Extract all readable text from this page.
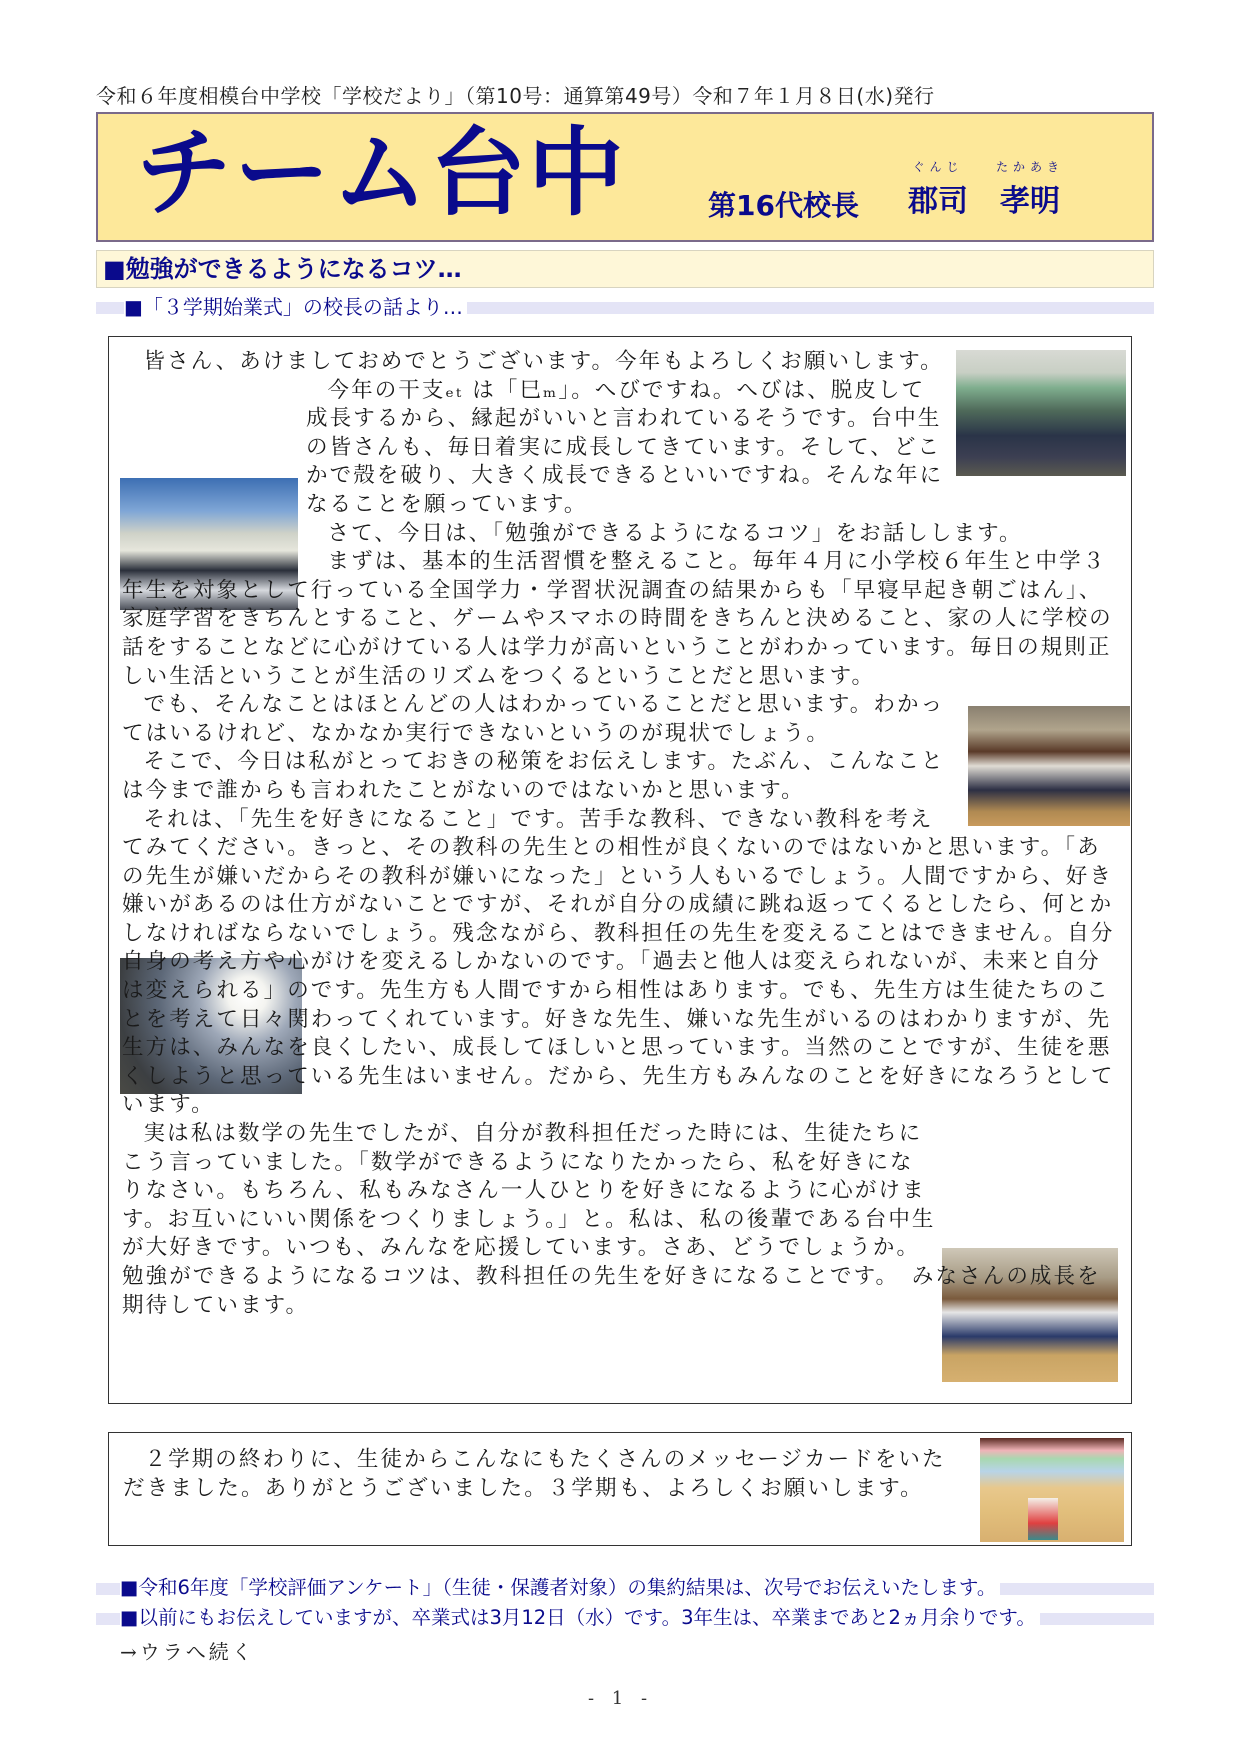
令和６年度相模台中学校「学校だより」（第10号：通算第49号）令和７年１月８日(水)発行
チーム台中	第16代校長
ぐんじ
郡司
たかあき
孝明
■勉強ができるようになるコツ…
■「３学期始業式」の校長の話より…

皆さん、あけましておめでとうございます。今年もよろしくお願いします。

今年の干支ₑₜ は「巳ₘ」。へびですね。へびは、脱皮して成長するから、縁起がいいと言われているそうです。台中生の皆さんも、毎日着実に成長してきています。そして、どこかで殻を破り、大きく成長できるといいですね。そんな年になることを願っています。

さて、今日は、「勉強ができるようになるコツ」をお話しします。

まずは、基本的生活習慣を整えること。毎年４月に小学校６年生と中学３年生を対象として行っている全国学力・学習状況調査の結果からも「早寝早起き朝ごはん」、家庭学習をきちんとすること、ゲームやスマホの時間をきちんと決めること、家の人に学校の話をすることなどに心がけている人は学力が高いということがわかっています。毎日の規則正しい生活ということが生活のリズムをつくるということだと思います。

でも、そんなことはほとんどの人はわかっていることだと思います。わかってはいるけれど、なかなか実行できないというのが現状でしょう。

そこで、今日は私がとっておきの秘策をお伝えします。たぶん、こんなことは今まで誰からも言われたことがないのではないかと思います。

それは、「先生を好きになること」です。苦手な教科、できない教科を考えてみてください。きっと、その教科の先生との相性が良くないのではないかと思います。「あの先生が嫌いだからその教科が嫌いになった」という人もいるでしょう。人間ですから、好き嫌いがあるのは仕方がないことですが、それが自分の成績に跳ね返ってくるとしたら、何とかしなければならないでしょう。残念ながら、教科担任の先生を変えることはできません。自分自身の考え方や心がけを変えるしかないのです。「過去と他人は変えられないが、未来と自分は変えられる」のです。先生方も人間ですから相性はあります。でも、先生方は生徒たちのことを考えて日々関わってくれています。好きな先生、嫌いな先生がいるのはわかりますが、先生方は、みんなを良くしたい、成長してほしいと思っています。当然のことですが、生徒を悪くしようと思っている先生はいません。だから、先生方もみんなのことを好きになろうとしています。

実は私は数学の先生でしたが、自分が教科担任だった時には、生徒たちにこう言っていました。「数学ができるようになりたかったら、私を好きになりなさい。もちろん、私もみなさん一人ひとりを好きになるように心がけます。お互いにいい関係をつくりましょう。」と。私は、私の後輩である台中生が大好きです。いつも、みんなを応援しています。さあ、どうでしょうか。

勉強ができるようになるコツは、教科担任の先生を好きになることです。　みなさんの成長を期待しています。

２学期の終わりに、生徒からこんなにもたくさんのメッセージカードをいただきました。ありがとうございました。３学期も、よろしくお願いします。

■令和6年度「学校評価アンケート」（生徒・保護者対象）の集約結果は、次号でお伝えいたします。
■以前にもお伝えしていますが、卒業式は3月12日（水）です。3年生は、卒業まであと2ヵ月余りです。
→ウラへ続く
- 1 -
